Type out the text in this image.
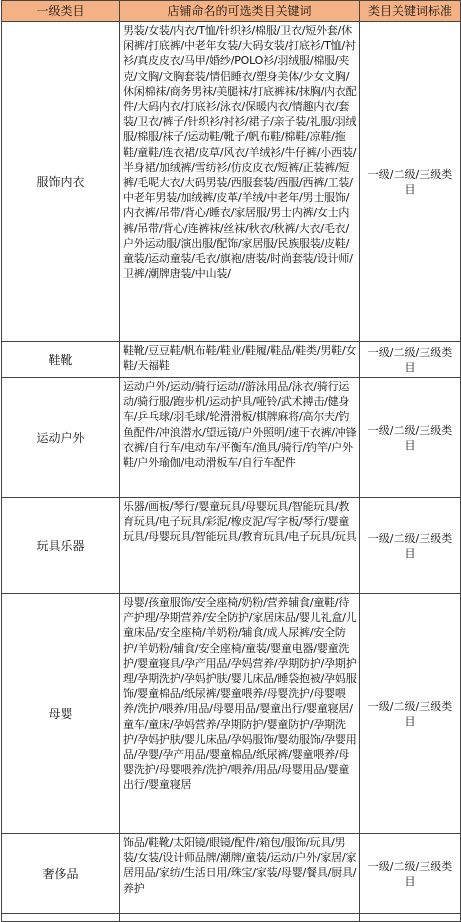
一级类目	店铺命名的可选类目关键词	类目关键词标准
服饰内衣	男装/女装/内衣/T恤/针织衫/棉服/卫衣/短外套/休闲裤/打底裤/中老年女装/大码女装/打底衫/T恤/衬衫/真皮皮衣/马甲/婚纱/POLO衫/羽绒服/棉服/夹克/文胸/文胸套装/情侣睡衣/塑身美体/少女文胸/休闲棉袜/商务男袜/美腿袜/打底裤袜/抹胸/内衣配件/大码内衣/打底衫/泳衣/保暖内衣/情趣内衣/套装/卫衣/裤子/针织衫/衬衫/裙子/亲子装/礼服/羽绒服/棉服/袜子/运动鞋/靴子/帆布鞋/棉鞋/凉鞋/拖鞋/童鞋/连衣裙/皮草/风衣/羊绒衫/牛仔裤/小西装/半身裙/加绒裤/雪纺衫/仿皮皮衣/短裤/正装裤/短裤/毛呢大衣/大码男装/西服套装/西服/西裤/工装/中老年男装/加绒裤/皮革/羊绒/中老年/男士服饰/内衣裤/吊带/背心/睡衣/家居服/男士内裤/女士内裤/吊带/背心/连裤袜/丝袜/秋衣/秋裤/大衣/毛衣/户外运动服/演出服/配饰/家居服/民族服装/皮鞋/童装/运动童装/毛衣/旗袍/唐装/时尚套装/设计师/卫裤/潮牌唐装/中山装/	一级/二级/三级类目
鞋靴	鞋靴/豆豆鞋/帆布鞋/鞋业/鞋履/鞋品/鞋类/男鞋/女鞋/天福鞋	一级/二级/三级类目
运动户外	运动户外/运动/骑行运动//游泳用品/泳衣/骑行运动/骑行服/跑步机/运动护具/哑铃/武术搏击/健身车/乒乓球/羽毛球/轮滑滑板/棋牌麻将/高尔夫/钓鱼配件/冲浪潜水/望远镜/户外照明/速干衣裤/冲锋衣裤/自行车/电动车/平衡车/渔具/骑行/钓竿/户外鞋/户外瑜伽/电动滑板车/自行车配件	一级/二级/三级类目
玩具乐器	乐器/画板/琴行/婴童玩具/母婴玩具/智能玩具/教育玩具/电子玩具/彩泥/橡皮泥/写字板/琴行/婴童玩具/母婴玩具/智能玩具/教育玩具/电子玩具/玩具	一级/二级/三级类目
母婴	母婴/孩童服饰/安全座椅/奶粉/营养辅食/童鞋/待产护理/孕期营养/安全防护/家居床品/婴儿礼盒/儿童床品/安全座椅/羊奶粉/辅食/成人尿裤/安全防护/羊奶粉/辅食/安全座椅/童装/婴童电器/婴童洗护/婴童寝具/孕产用品/孕妈营养/孕期防护/孕期护理/孕期洗护/孕妈护肤/婴儿床品/睡袋抱被/孕妈服饰/婴童棉品/纸尿裤/婴童喂养/母婴洗护/母婴喂养/洗护/喂养/用品/母婴用品/婴童出行/婴童寝居/童车/童床/孕妈营养/孕期防护/婴童防护/孕期洗护/孕妈护肤/婴儿床品/孕妈服饰/婴幼服饰/孕婴用品/孕婴/孕产用品/婴童棉品/纸尿裤/婴童喂养/母婴洗护/母婴喂养/洗护/喂养/用品/母婴用品/婴童出行/婴童寝居	一级/二级/三级类目
奢侈品	饰品/鞋靴/太阳镜/眼镜/配件/箱包/服饰/玩具/男装/女装/设计师品牌/潮牌/童装/运动/户外/家居/家居用品/家纺/生活日用/珠宝/家装/母婴/餐具/厨具/养护	一级/二级/三级类目
